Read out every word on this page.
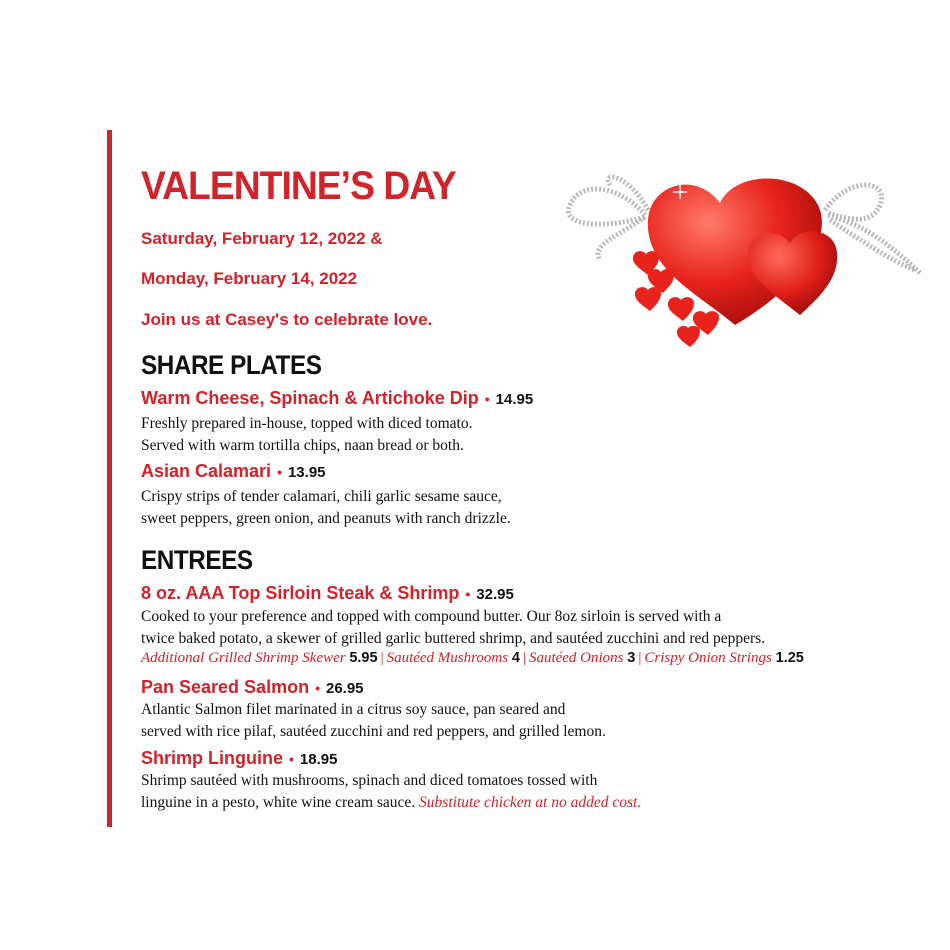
VALENTINE’S DAY
Saturday, February 12, 2022 &
Monday, February 14, 2022
Join us at Casey's to celebrate love.
SHARE PLATES
Warm Cheese, Spinach & Artichoke Dip • 14.95
Freshly prepared in-house, topped with diced tomato.
Served with warm tortilla chips, naan bread or both.
Asian Calamari • 13.95
Crispy strips of tender calamari, chili garlic sesame sauce,
sweet peppers, green onion, and peanuts with ranch drizzle.
ENTREES
8 oz. AAA Top Sirloin Steak & Shrimp • 32.95
Cooked to your preference and topped with compound butter. Our 8oz sirloin is served with a
twice baked potato, a skewer of grilled garlic buttered shrimp, and sautéed zucchini and red peppers.
Additional Grilled Shrimp Skewer 5.95 | Sautéed Mushrooms 4 | Sautéed Onions 3 | Crispy Onion Strings 1.25
Pan Seared Salmon • 26.95
Atlantic Salmon filet marinated in a citrus soy sauce, pan seared and
served with rice pilaf, sautéed zucchini and red peppers, and grilled lemon.
Shrimp Linguine • 18.95
Shrimp sautéed with mushrooms, spinach and diced tomatoes tossed with
linguine in a pesto, white wine cream sauce. Substitute chicken at no added cost.
